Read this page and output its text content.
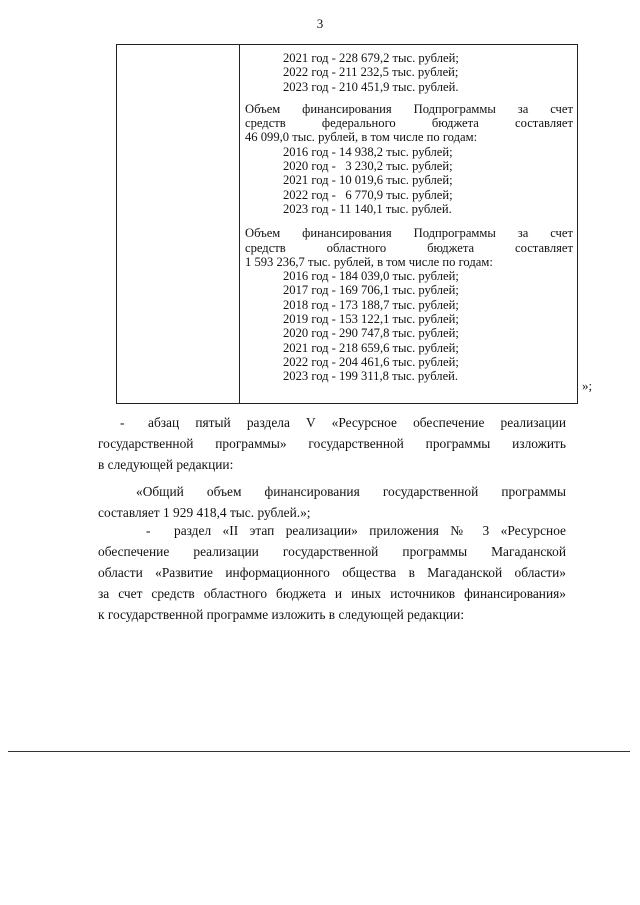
3
2021 год - 228 679,2 тыс. рублей;
2022 год - 211 232,5 тыс. рублей;
2023 год - 210 451,9 тыс. рублей.
Объем финансирования Подпрограммы за счет
средств федерального бюджета составляет
46 099,0 тыс. рублей, в том числе по годам:
2016 год - 14 938,2 тыс. рублей;
2020 год -   3 230,2 тыс. рублей;
2021 год - 10 019,6 тыс. рублей;
2022 год -   6 770,9 тыс. рублей;
2023 год - 11 140,1 тыс. рублей.
Объем финансирования Подпрограммы за счет
средств областного бюджета составляет
1 593 236,7 тыс. рублей, в том числе по годам:
2016 год - 184 039,0 тыс. рублей;
2017 год - 169 706,1 тыс. рублей;
2018 год - 173 188,7 тыс. рублей;
2019 год - 153 122,1 тыс. рублей;
2020 год - 290 747,8 тыс. рублей;
2021 год - 218 659,6 тыс. рублей;
2022 год - 204 461,6 тыс. рублей;
2023 год - 199 311,8 тыс. рублей.
»;
- абзац пятый раздела V «Ресурсное обеспечение реализации
государственной программы» государственной программы изложить
в следующей редакции:
«Общий объем финансирования государственной программы
составляет 1 929 418,4 тыс. рублей.»;
- раздел «II этап реализации» приложения № 3 «Ресурсное
обеспечение реализации государственной программы Магаданской
области «Развитие информационного общества в Магаданской области»
за счет средств областного бюджета и иных источников финансирования»
к государственной программе изложить в следующей редакции:
